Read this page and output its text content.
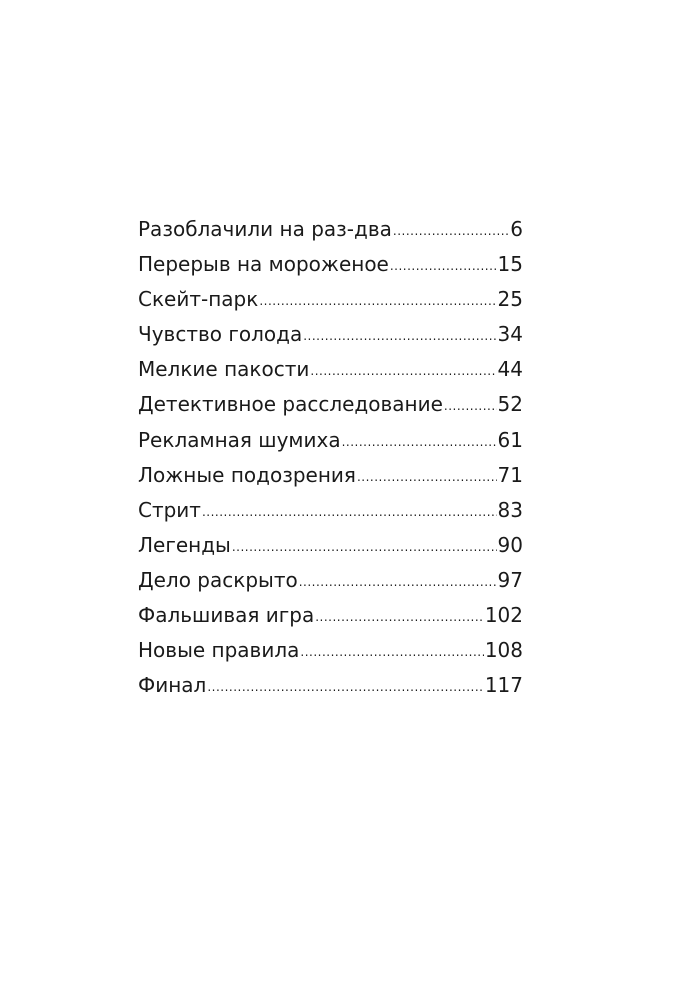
Разоблачили на раз-два .....	6
Перерыв на мороженое .....	15
Скейт-парк .....	25
Чувство голода .....	34
Мелкие пакости .....	44
Детективное расследование .....	52
Рекламная шумиха .....	61
Ложные подозрения .....	71
Стрит .....	83
Легенды .....	90
Дело раскрыто .....	97
Фальшивая игра .....	102
Новые правила .....	108
Финал .....	117
